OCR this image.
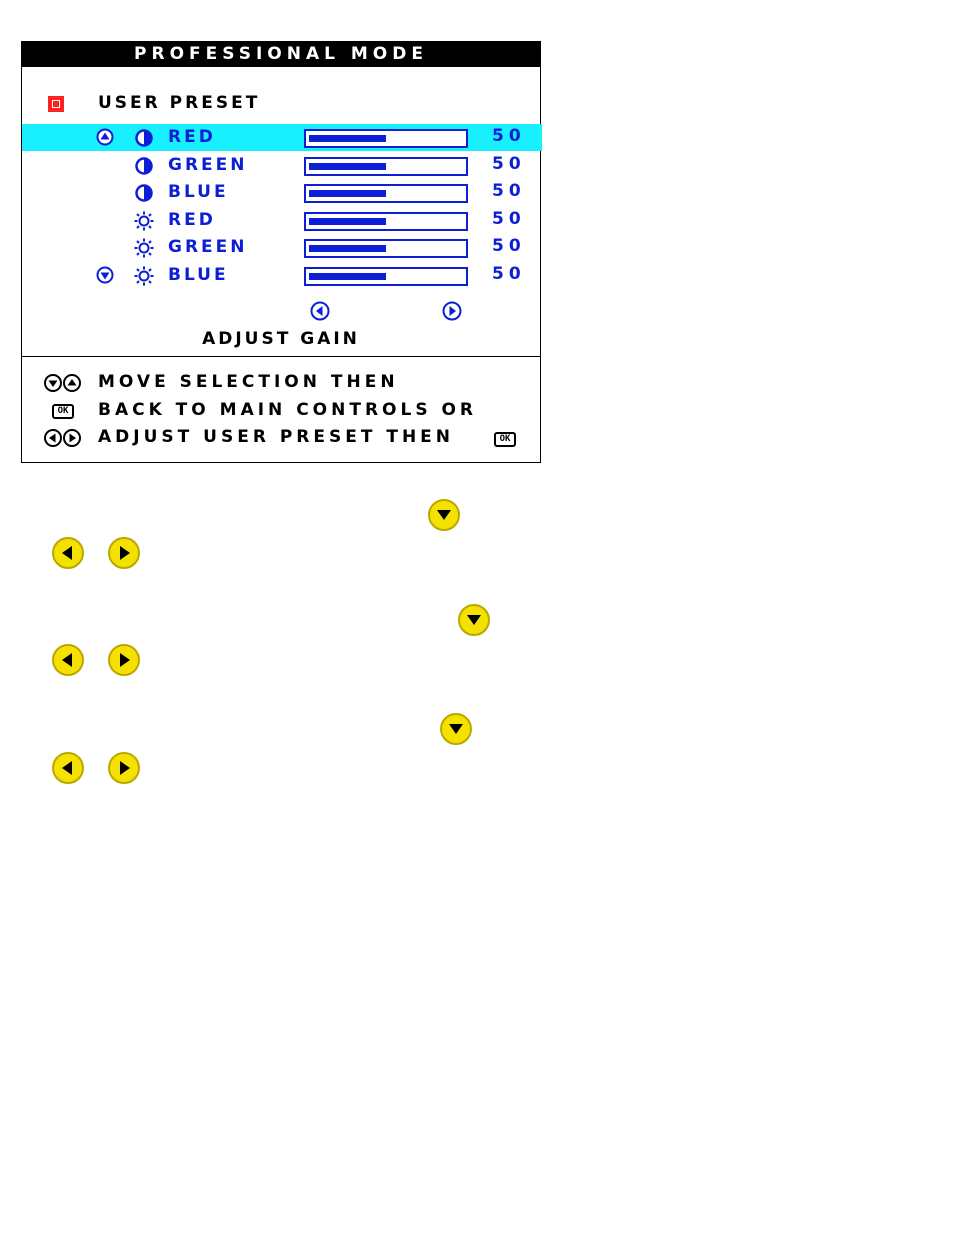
PROFESSIONAL MODE
USER PRESET
RED	50
GREEN	50
BLUE	50
RED	50
GREEN	50
BLUE	50
ADJUST GAIN
MOVE SELECTION THEN
OK	BACK TO MAIN CONTROLS OR
ADJUST USER PRESET THEN	OK
